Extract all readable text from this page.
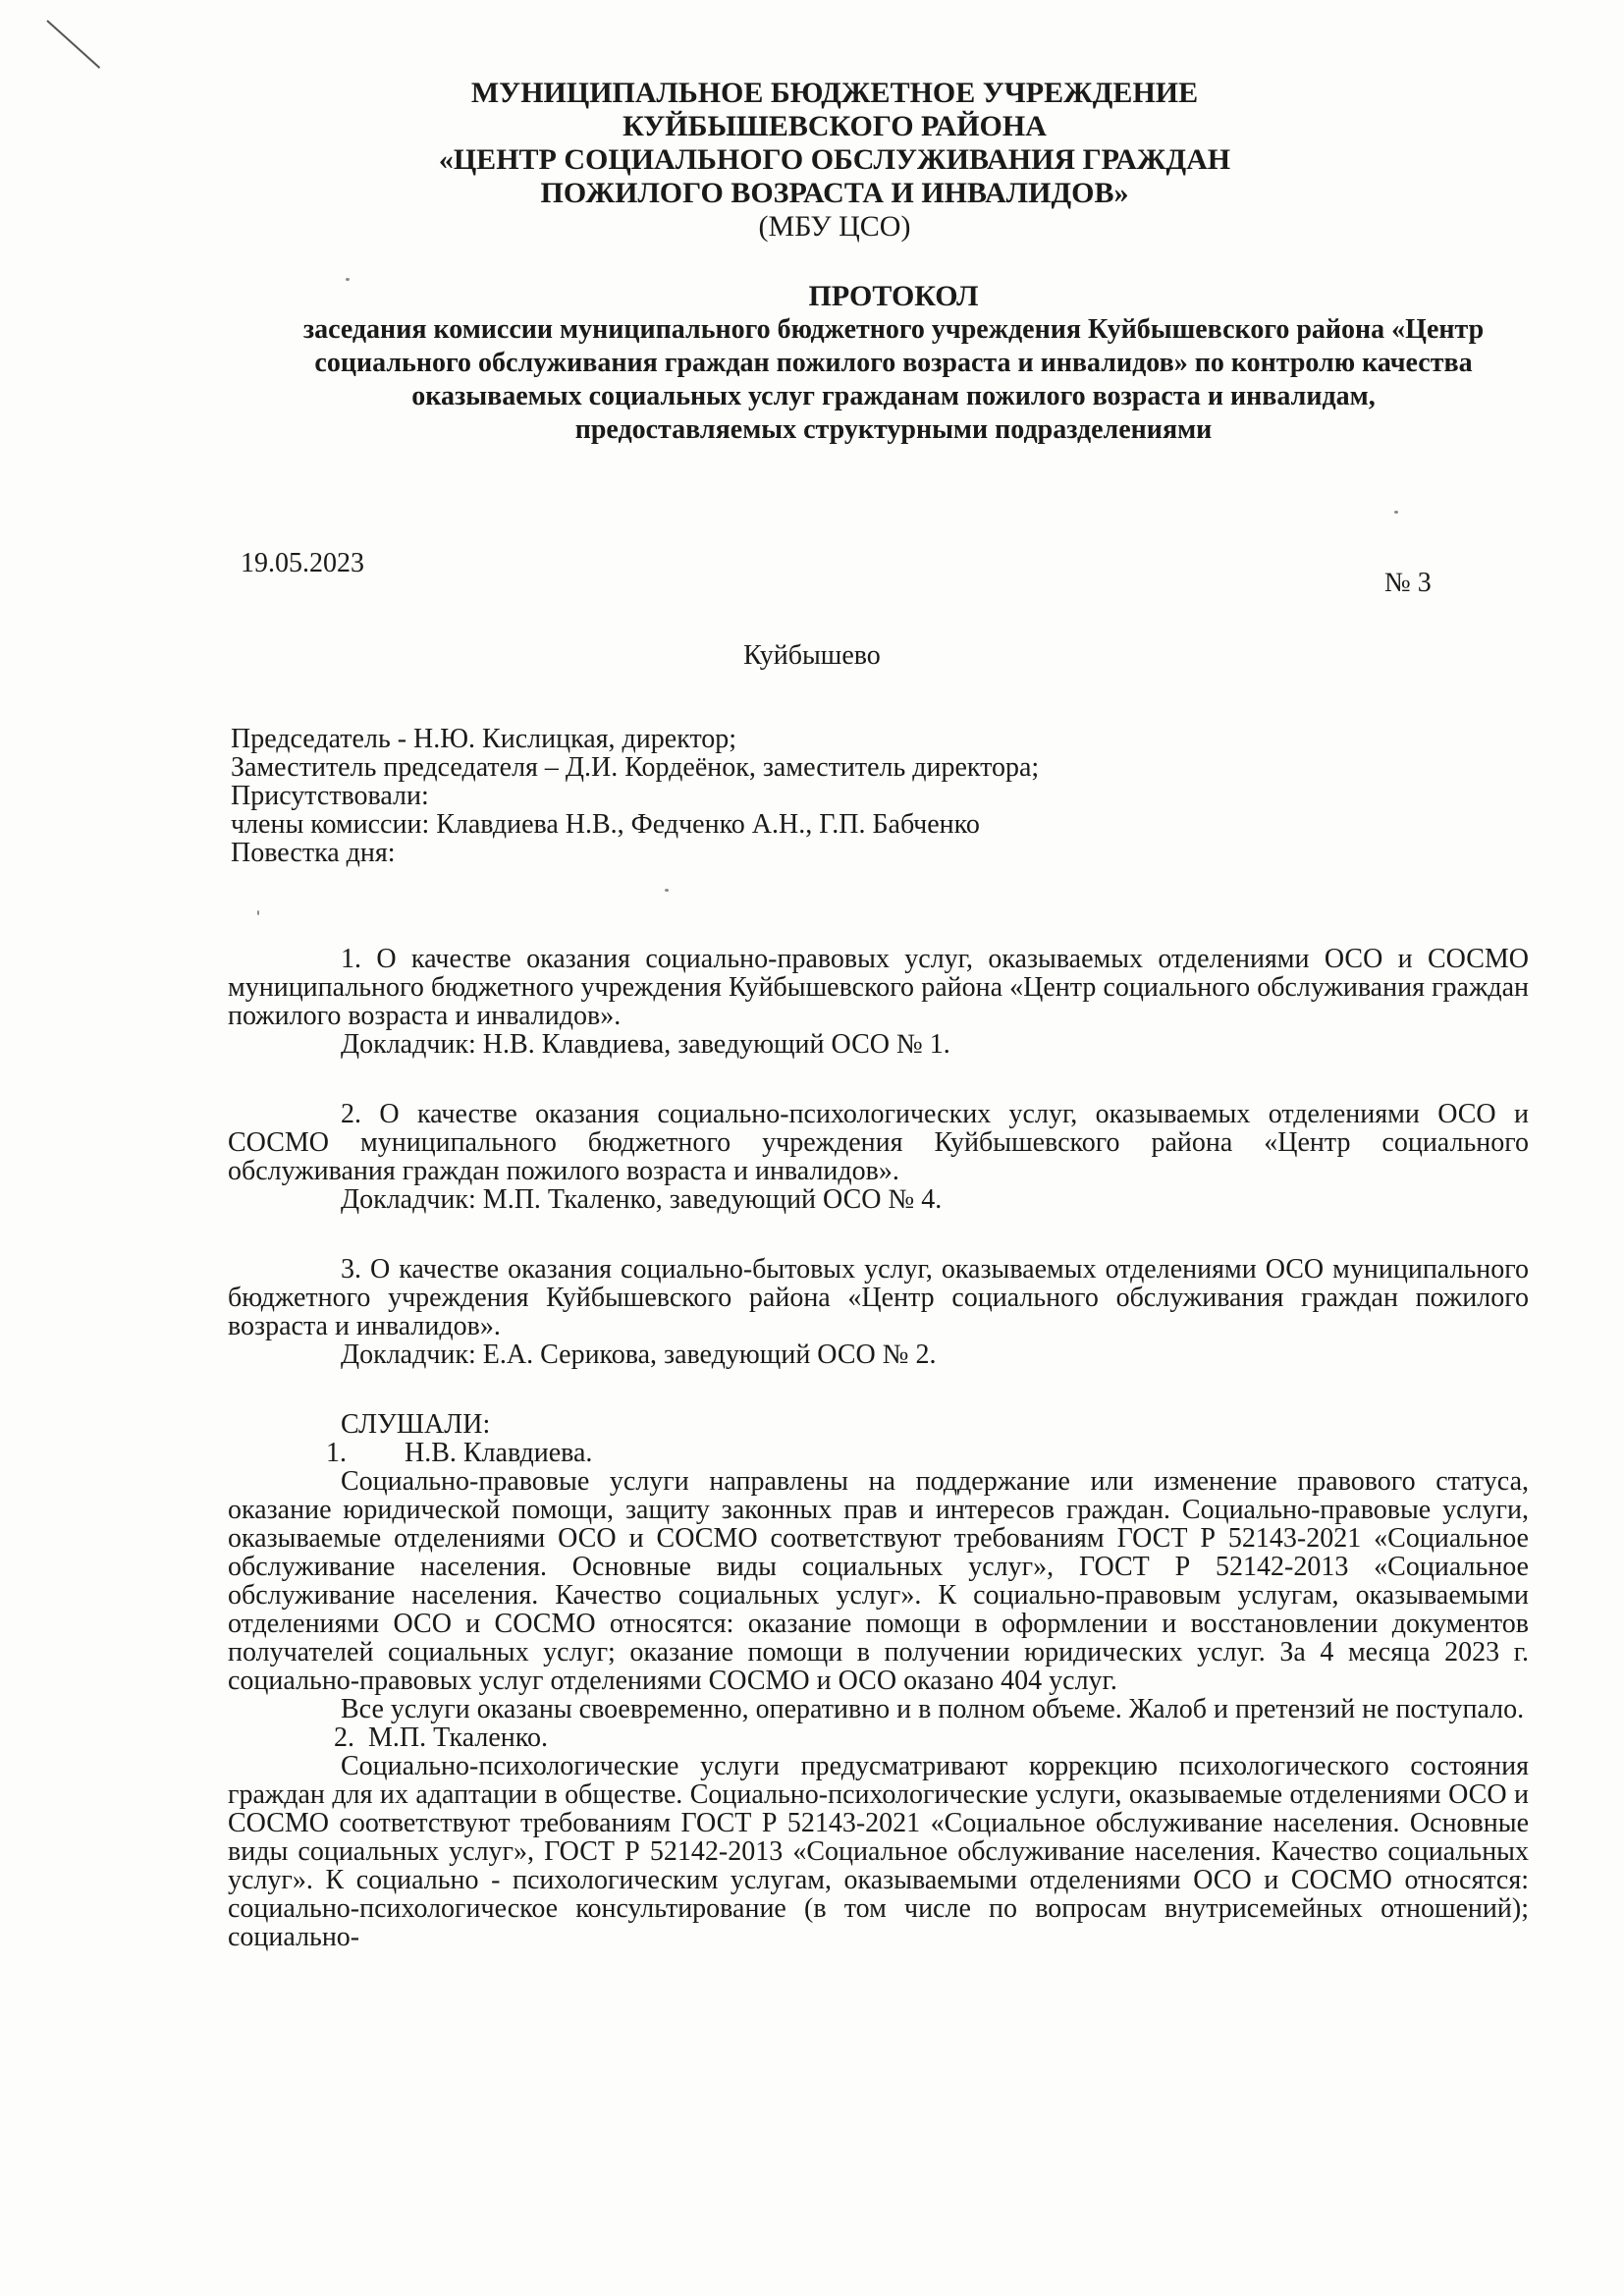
МУНИЦИПАЛЬНОЕ БЮДЖЕТНОЕ УЧРЕЖДЕНИЕ
КУЙБЫШЕВСКОГО РАЙОНА
«ЦЕНТР СОЦИАЛЬНОГО ОБСЛУЖИВАНИЯ ГРАЖДАН
ПОЖИЛОГО ВОЗРАСТА И ИНВАЛИДОВ»
(МБУ ЦСО)
ПРОТОКОЛ
заседания комиссии муниципального бюджетного учреждения Куйбышевского района «Центр
социального обслуживания граждан пожилого возраста и инвалидов» по контролю качества
оказываемых социальных услуг гражданам пожилого возраста и инвалидам,
предоставляемых структурными подразделениями
19.05.2023
№ 3
Куйбышево
Председатель - Н.Ю. Кислицкая, директор;
Заместитель председателя – Д.И. Кордеёнок, заместитель директора;
Присутствовали:
члены комиссии: Клавдиева Н.В., Федченко А.Н., Г.П. Бабченко
Повестка дня:

1. О качестве оказания социально-правовых услуг, оказываемых отделениями ОСО и СОСМО муниципального бюджетного учреждения Куйбышевского района «Центр социального обслуживания граждан пожилого возраста и инвалидов».

Докладчик: Н.В. Клавдиева, заведующий ОСО № 1.

2. О качестве оказания социально-психологических услуг, оказываемых отделениями ОСО и СОСМО муниципального бюджетного учреждения Куйбышевского района «Центр социального обслуживания граждан пожилого возраста и инвалидов».

Докладчик: М.П. Ткаленко, заведующий ОСО № 4.

3. О качестве оказания социально-бытовых услуг, оказываемых отделениями ОСО муниципального бюджетного учреждения Куйбышевского района «Центр социального обслуживания граждан пожилого возраста и инвалидов».

Докладчик: Е.А. Серикова, заведующий ОСО № 2.

СЛУШАЛИ:

1. Н.В. Клавдиева.

Социально-правовые услуги направлены на поддержание или изменение правового статуса, оказание юридической помощи, защиту законных прав и интересов граждан. Социально-правовые услуги, оказываемые отделениями ОСО и СОСМО соответствуют требованиям ГОСТ Р 52143-2021 «Социальное обслуживание населения. Основные виды социальных услуг», ГОСТ Р 52142-2013 «Социальное обслуживание населения. Качество социальных услуг». К социально-правовым услугам, оказываемыми отделениями ОСО и СОСМО относятся: оказание помощи в оформлении и восстановлении документов получателей социальных услуг; оказание помощи в получении юридических услуг. За 4 месяца 2023 г. социально-правовых услуг отделениями СОСМО и ОСО оказано 404 услуг.

Все услуги оказаны своевременно, оперативно и в полном объеме. Жалоб и претензий не поступало.

2. М.П. Ткаленко.

Социально-психологические услуги предусматривают коррекцию психологического состояния граждан для их адаптации в обществе. Социально-психологические услуги, оказываемые отделениями ОСО и СОСМО соответствуют требованиям ГОСТ Р 52143-2021 «Социальное обслуживание населения. Основные виды социальных услуг», ГОСТ Р 52142-2013 «Социальное обслуживание населения. Качество социальных услуг». К социально - психологическим услугам, оказываемыми отделениями ОСО и СОСМО относятся: социально-психологическое консультирование (в том числе по вопросам внутрисемейных отношений); социально-
